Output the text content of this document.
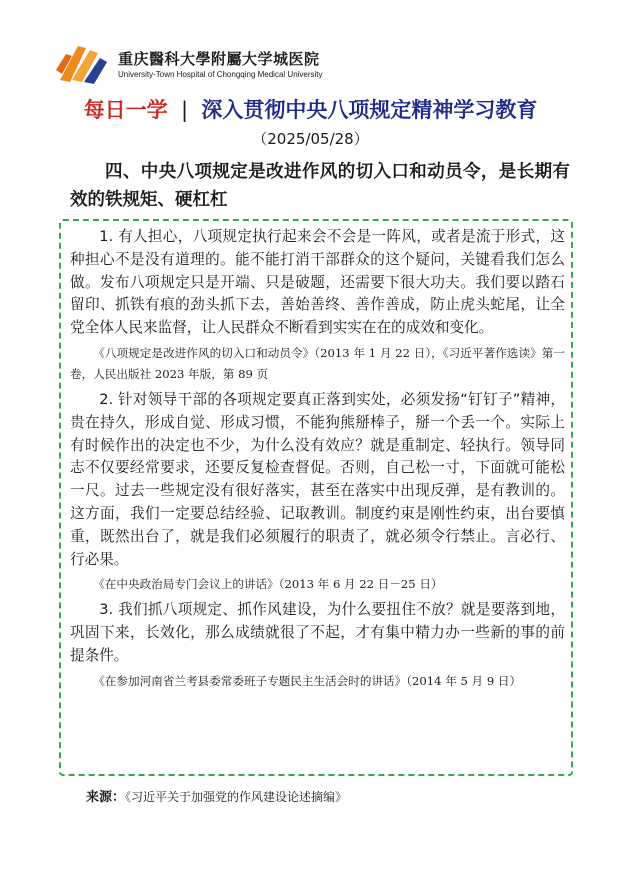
重庆醫科大學附屬大学城医院
University-Town Hospital of Chongqing Medical University
每日一学 | 深入贯彻中央八项规定精神学习教育
（2025/05/28）
四、中央八项规定是改进作风的切入口和动员令，是长期有效的铁规矩、硬杠杠

1. 有人担心，八项规定执行起来会不会是一阵风，或者是流于形式，这种担心不是没有道理的。能不能打消干部群众的这个疑问，关键看我们怎么做。发布八项规定只是开端、只是破题，还需要下很大功夫。我们要以踏石留印、抓铁有痕的劲头抓下去，善始善终、善作善成，防止虎头蛇尾，让全党全体人民来监督，让人民群众不断看到实实在在的成效和变化。

《八项规定是改进作风的切入口和动员令》（2013 年 1 月 22 日），《习近平著作选读》第一卷，人民出版社 2023 年版，第 89 页

2. 针对领导干部的各项规定要真正落到实处，必须发扬“钉钉子”精神，贵在持久，形成自觉、形成习惯，不能狗熊掰棒子，掰一个丢一个。实际上有时候作出的决定也不少，为什么没有效应？就是重制定、轻执行。领导同志不仅要经常要求，还要反复检查督促。否则，自己松一寸，下面就可能松一尺。过去一些规定没有很好落实，甚至在落实中出现反弹，是有教训的。这方面，我们一定要总结经验、记取教训。制度约束是刚性约束，出台要慎重，既然出台了，就是我们必须履行的职责了，就必须令行禁止。言必行、行必果。

《在中央政治局专门会议上的讲话》（2013 年 6 月 22 日－25 日）

3. 我们抓八项规定、抓作风建设，为什么要扭住不放？就是要落到地，巩固下来，长效化，那么成绩就很了不起，才有集中精力办一些新的事的前提条件。

《在参加河南省兰考县委常委班子专题民主生活会时的讲话》（2014 年 5 月 9 日）

来源：《习近平关于加强党的作风建设论述摘编》
